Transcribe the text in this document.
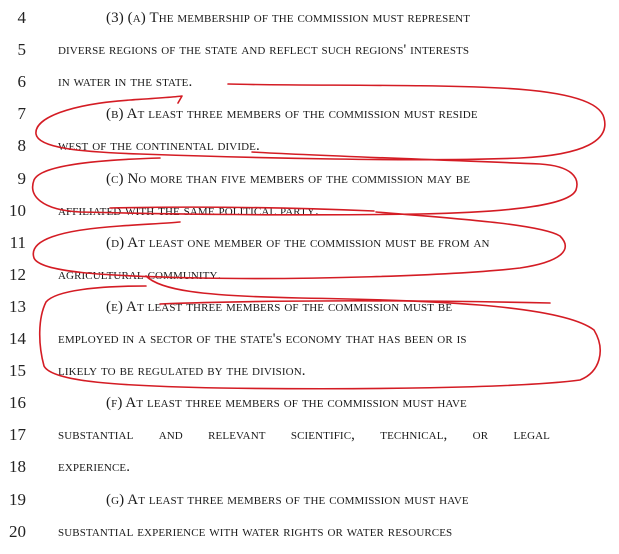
4	(3) (a) The membership of the commission must represent
5 diverse regions of the state and reflect such regions' interests
6 in water in the state.
7	(b) At least three members of the commission must reside
8 west of the continental divide.
9	(c) No more than five members of the commission may be
10 affiliated with the same political party.
11	(d) At least one member of the commission must be from an
12 agricultural community.
13	(e) At least three members of the commission must be
14 employed in a sector of the state's economy that has been or is
15 likely to be regulated by the division.
16	(f) At least three members of the commission must have
17 substantial and relevant scientific, technical, or legal
18 experience.
19	(g) At least three members of the commission must have
20 substantial experience with water rights or water resources
